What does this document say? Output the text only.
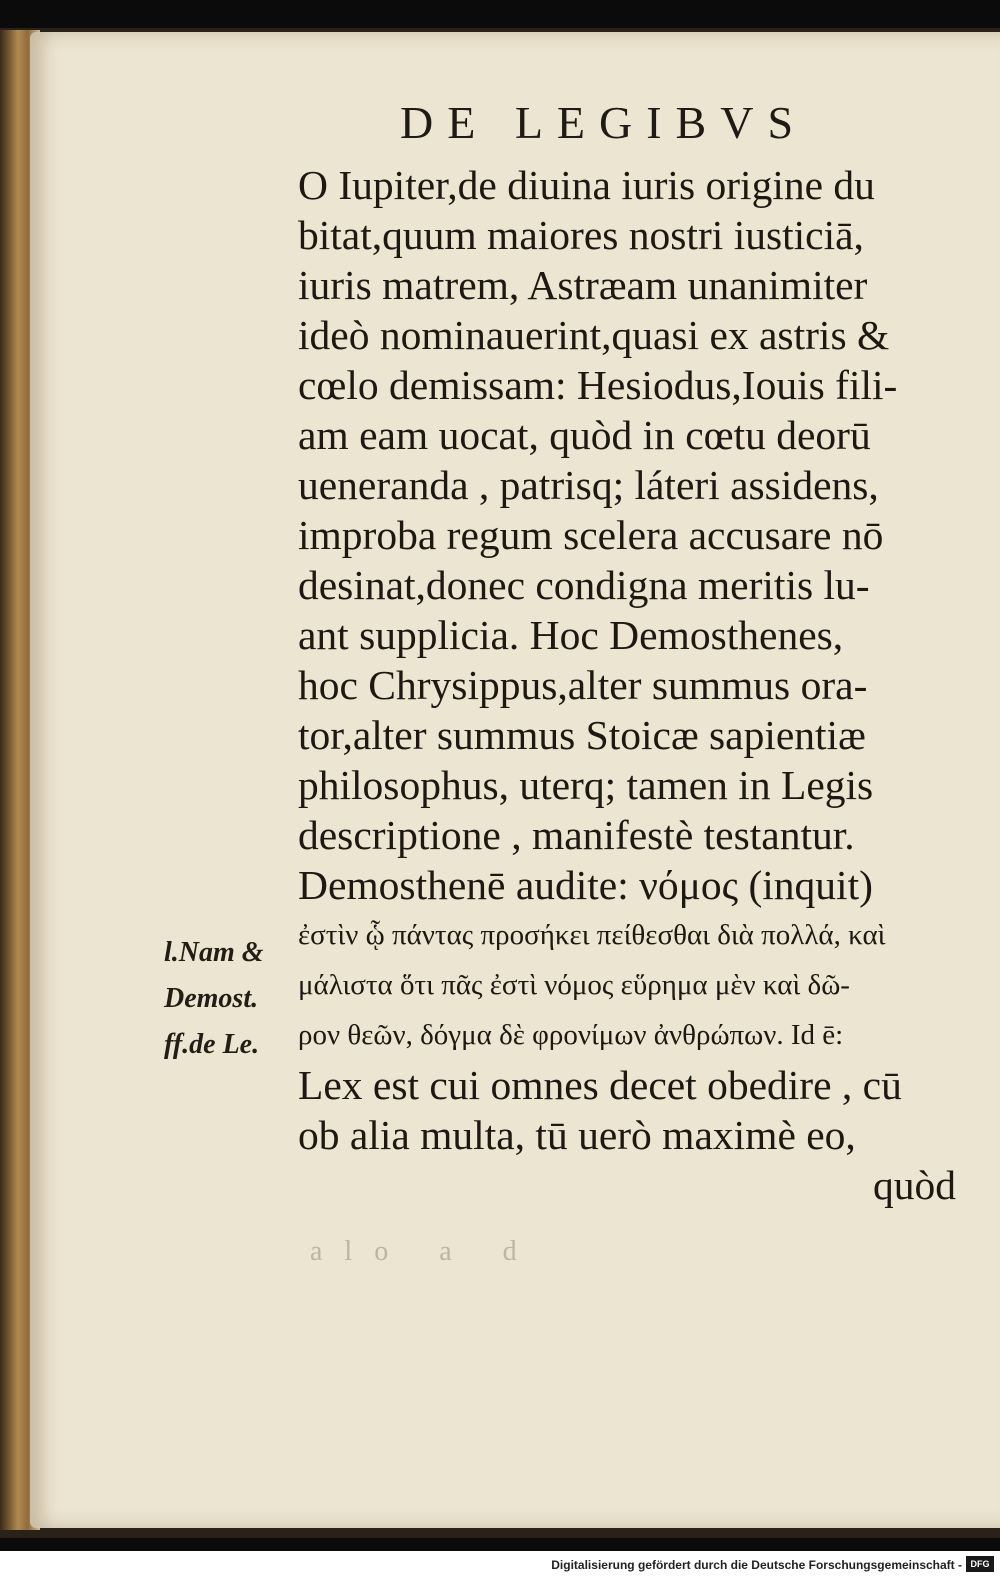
DE LEGIBVS
O Iupiter,de diuina iuris origine du
bitat,quum maiores nostri iusticiā,
iuris matrem, Astræam unanimiter
ideò nominauerint,quasi ex astris &
cœlo demissam: Hesiodus,Iouis fili-
am eam uocat, quòd in cœtu deorū
ueneranda , patrisq; láteri assidens,
improba regum scelera accusare nō
desinat,donec condigna meritis lu-
ant supplicia. Hoc Demosthenes,
hoc Chrysippus,alter summus ora-
tor,alter summus Stoicæ sapientiæ
philosophus, uterq; tamen in Legis
descriptione , manifestè testantur.
Demosthenē audite: νόμος (inquit)
ἐστὶν ᾧ πάντας προσήκει πείθεσθαι διὰ πολλά, καὶ
μάλιστα ὅτι πᾶς ἐστὶ νόμος εὕρημα μὲν καὶ δῶ-
ρον θεῶν, δόγμα δὲ φρονίμων ἀνθρώπων. Id ē:
Lex est cui omnes decet obedire , cū
ob alia multa, tū uerò maximè eo,
quòd
l.Nam &
Demost.
ff.de Le.
alo a d
Digitalisierung gefördert durch die Deutsche Forschungsgemeinschaft - DFG
